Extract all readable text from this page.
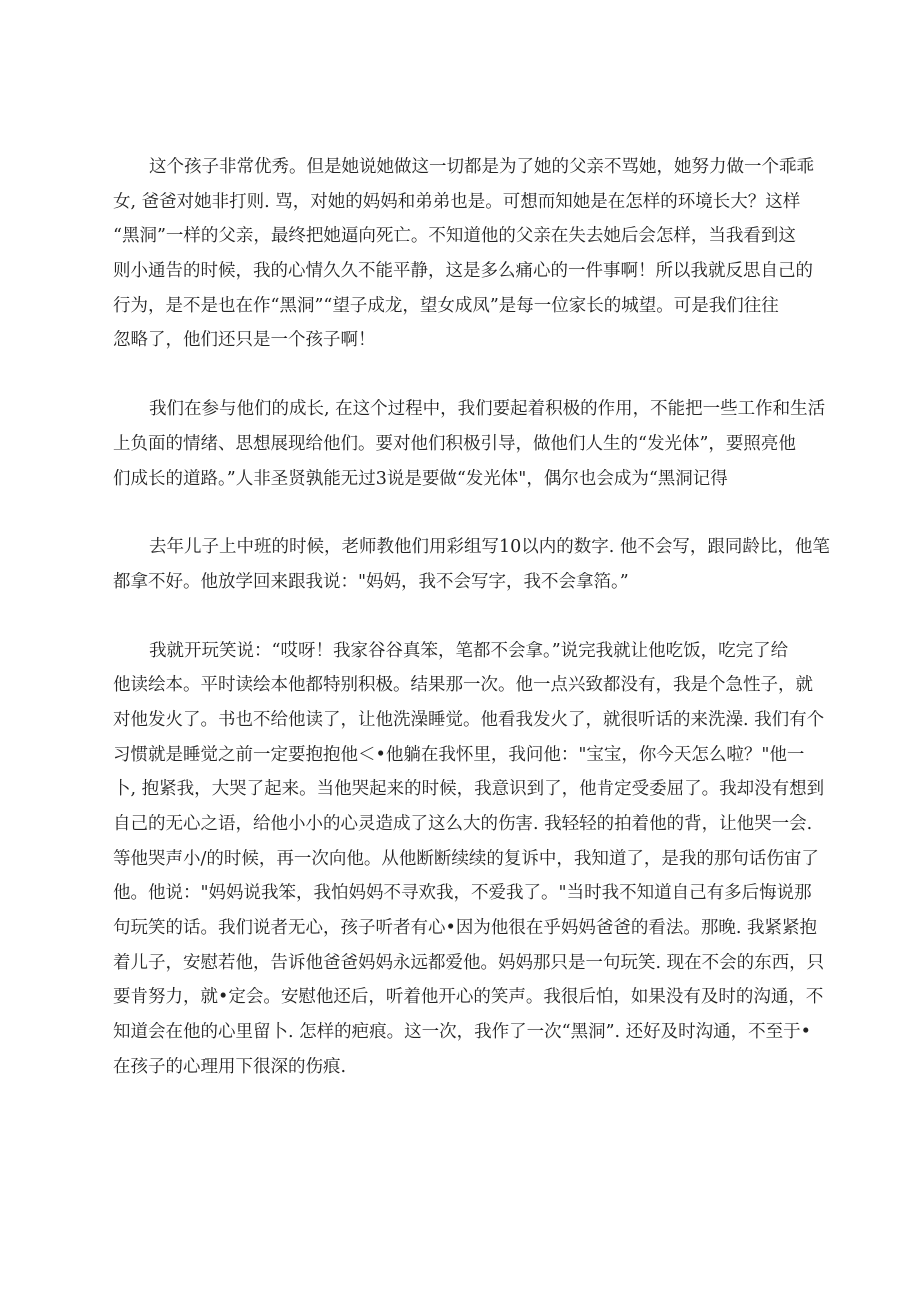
这个孩子非常优秀。但是她说她做这一切都是为了她的父亲不骂她，她努力做一个乖乖
女, 爸爸对她非打则. 骂，对她的妈妈和弟弟也是。可想而知她是在怎样的环境长大？这样
“黑洞”一样的父亲，最终把她逼向死亡。不知道他的父亲在失去她后会怎样，当我看到这
则小通告的时候，我的心情久久不能平静，这是多么痛心的一件事啊！所以我就反思自己的
行为，是不是也在作“黑洞”“望子成龙，望女成凤”是每一位家长的城望。可是我们往往
忽略了，他们还只是一个孩子啊！
我们在参与他们的成长, 在这个过程中，我们要起着积极的作用，不能把一些工作和生活
上负面的情绪、思想展现给他们。要对他们积极引导，做他们人生的“发光体”，要照亮他
们成长的道路。”人非圣贤孰能无过3说是要做“发光体"，偶尔也会成为“黑洞记得
去年儿子上中班的时候，老师教他们用彩组写10以内的数字. 他不会写，跟同龄比，他笔
都拿不好。他放学回来跟我说："妈妈，我不会写字，我不会拿箔。”
我就开玩笑说：“哎呀！我家谷谷真笨，笔都不会拿。”说完我就让他吃饭，吃完了给
他读绘本。平时读绘本他都特别积极。结果那一次。他一点兴致都没有，我是个急性子，就
对他发火了。书也不给他读了，让他洗澡睡觉。他看我发火了，就很听话的来洗澡. 我们有个
习惯就是睡觉之前一定要抱抱他＜•他躺在我怀里，我问他："宝宝，你今天怎么啦？"他一
卜, 抱紧我，大哭了起来。当他哭起来的时候，我意识到了，他肯定受委屈了。我却没有想到
自己的无心之语，给他小小的心灵造成了这么大的伤害. 我轻轻的拍着他的背，让他哭一会.
等他哭声小/的时候，再一次向他。从他断断续续的复诉中，我知道了，是我的那句话伤宙了
他。他说："妈妈说我笨，我怕妈妈不寻欢我，不爱我了。"当时我不知道自己有多后悔说那
句玩笑的话。我们说者无心，孩子听者有心•因为他很在乎妈妈爸爸的看法。那晚. 我紧紧抱
着儿子，安慰若他，告诉他爸爸妈妈永远都爱他。妈妈那只是一句玩笑. 现在不会的东西，只
要肯努力，就•定会。安慰他还后，听着他开心的笑声。我很后怕，如果没有及时的沟通，不
知道会在他的心里留卜. 怎样的疤痕。这一次，我作了一次“黑洞”. 还好及时沟通，不至于•
在孩子的心理用下很深的伤痕.
